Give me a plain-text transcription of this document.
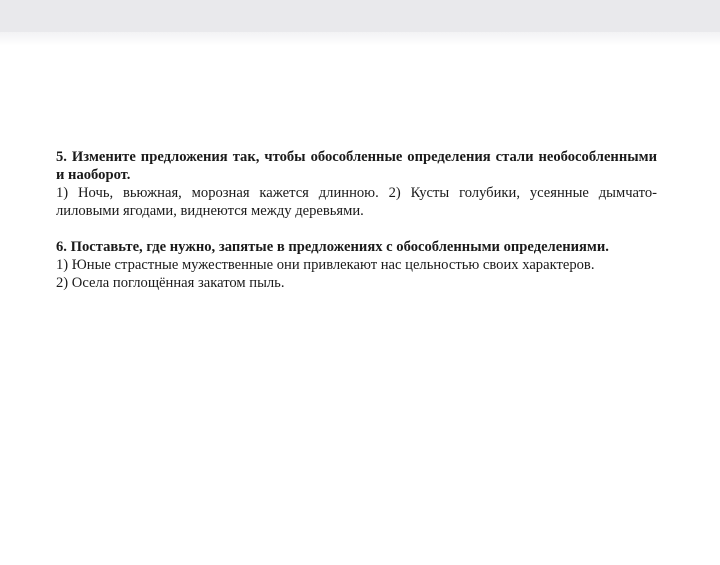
5. Измените предложения так, чтобы обособленные определения стали необособленными и наоборот.

1) Ночь, вьюжная, морозная кажется длинною. 2) Кусты голубики, усеянные дымчато-лиловыми ягодами, виднеются между деревьями.

6. Поставьте, где нужно, запятые в предложениях с обособленными определениями.

1) Юные страстные мужественные они привлекают нас цельностью своих характеров.
2) Осела поглощённая закатом пыль.
